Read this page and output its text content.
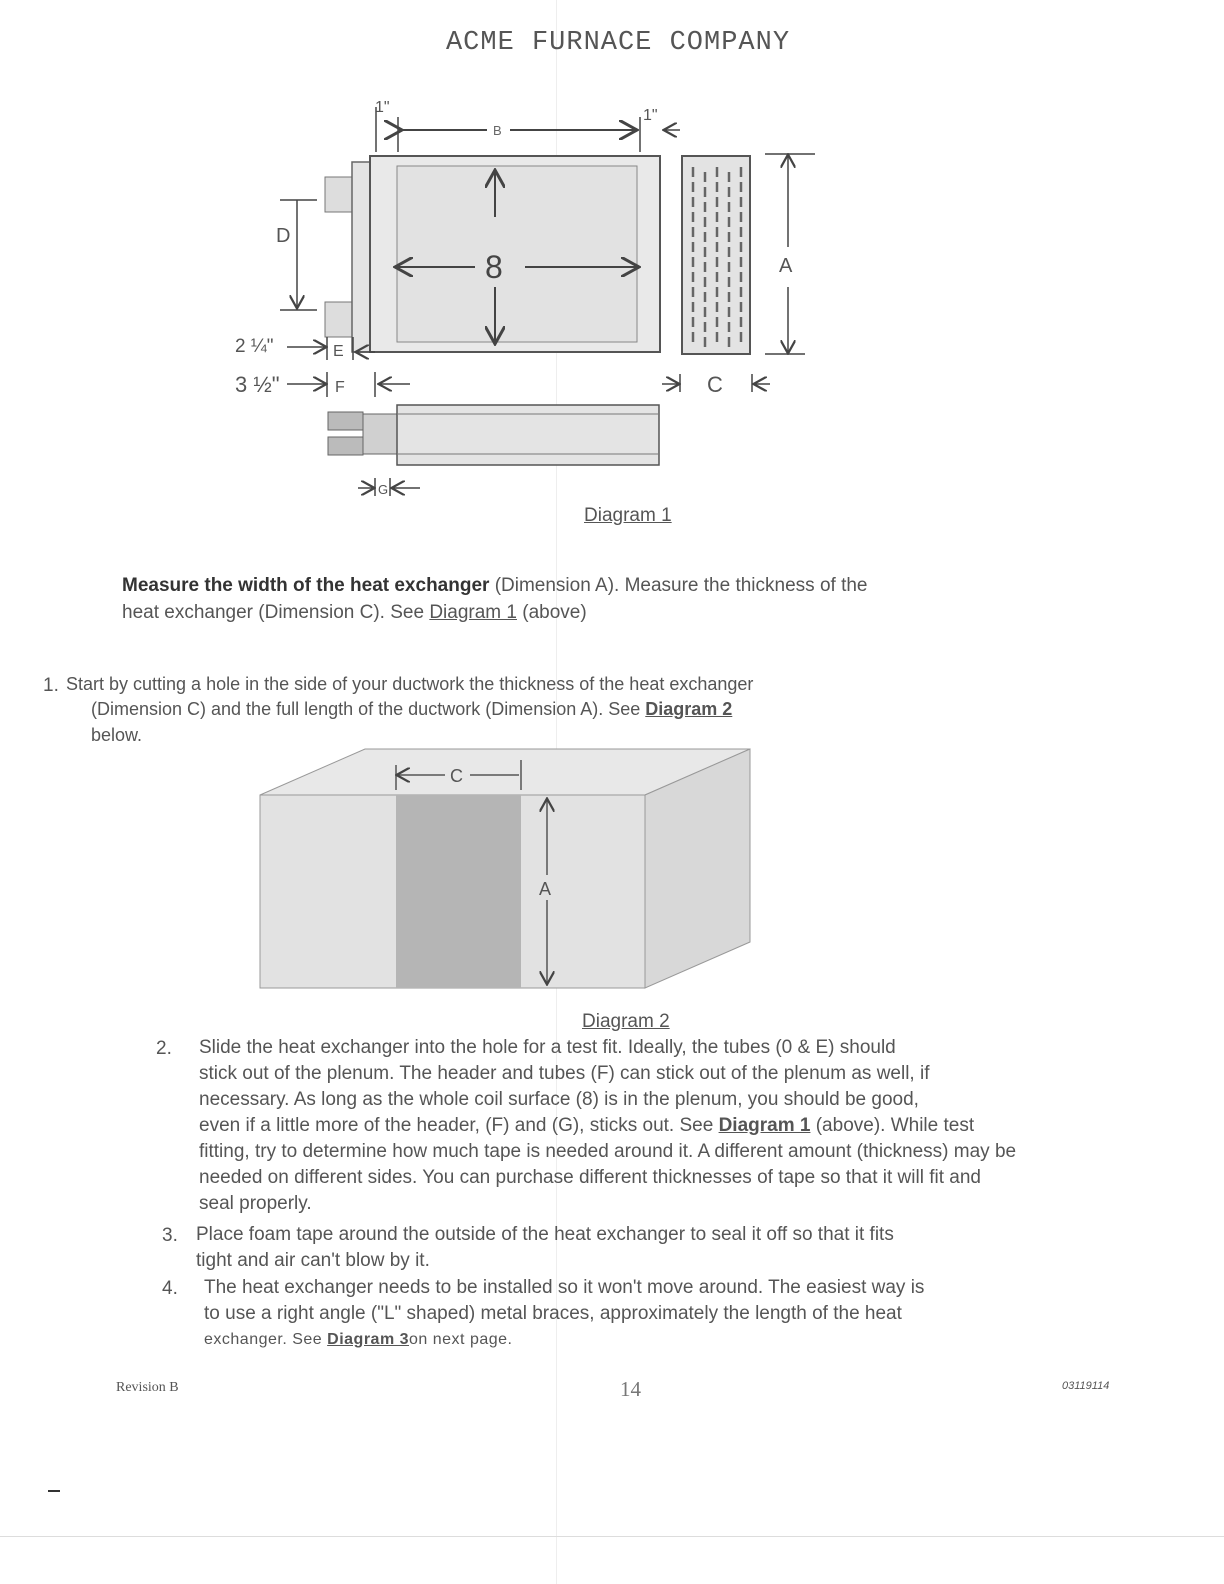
ACME FURNACE COMPANY
1"
B
1"
D
8	A
2 ¼"	E
3 ½"	F	C
G
Diagram 1
Measure the width of the heat exchanger (Dimension A). Measure the thickness of the
heat exchanger (Dimension C). See Diagram 1 (above)
1. Start by cutting a hole in the side of your ductwork the thickness of the heat exchanger
(Dimension C) and the full length of the ductwork (Dimension A). See Diagram 2
below.
C
A
Diagram 2
2. Slide the heat exchanger into the hole for a test fit. Ideally, the tubes (0 & E) should
stick out of the plenum. The header and tubes (F) can stick out of the plenum as well, if
necessary. As long as the whole coil surface (8) is in the plenum, you should be good,
even if a little more of the header, (F) and (G), sticks out. See Diagram 1 (above). While test
fitting, try to determine how much tape is needed around it. A different amount (thickness) may be
needed on different sides. You can purchase different thicknesses of tape so that it will fit and
seal properly.
3. Place foam tape around the outside of the heat exchanger to seal it off so that it fits
tight and air can't blow by it.
4. The heat exchanger needs to be installed so it won't move around. The easiest way is
to use a right angle ("L" shaped) metal braces, approximately the length of the heat
exchanger. See Diagram 3on next page.
Revision B	14	03119114
